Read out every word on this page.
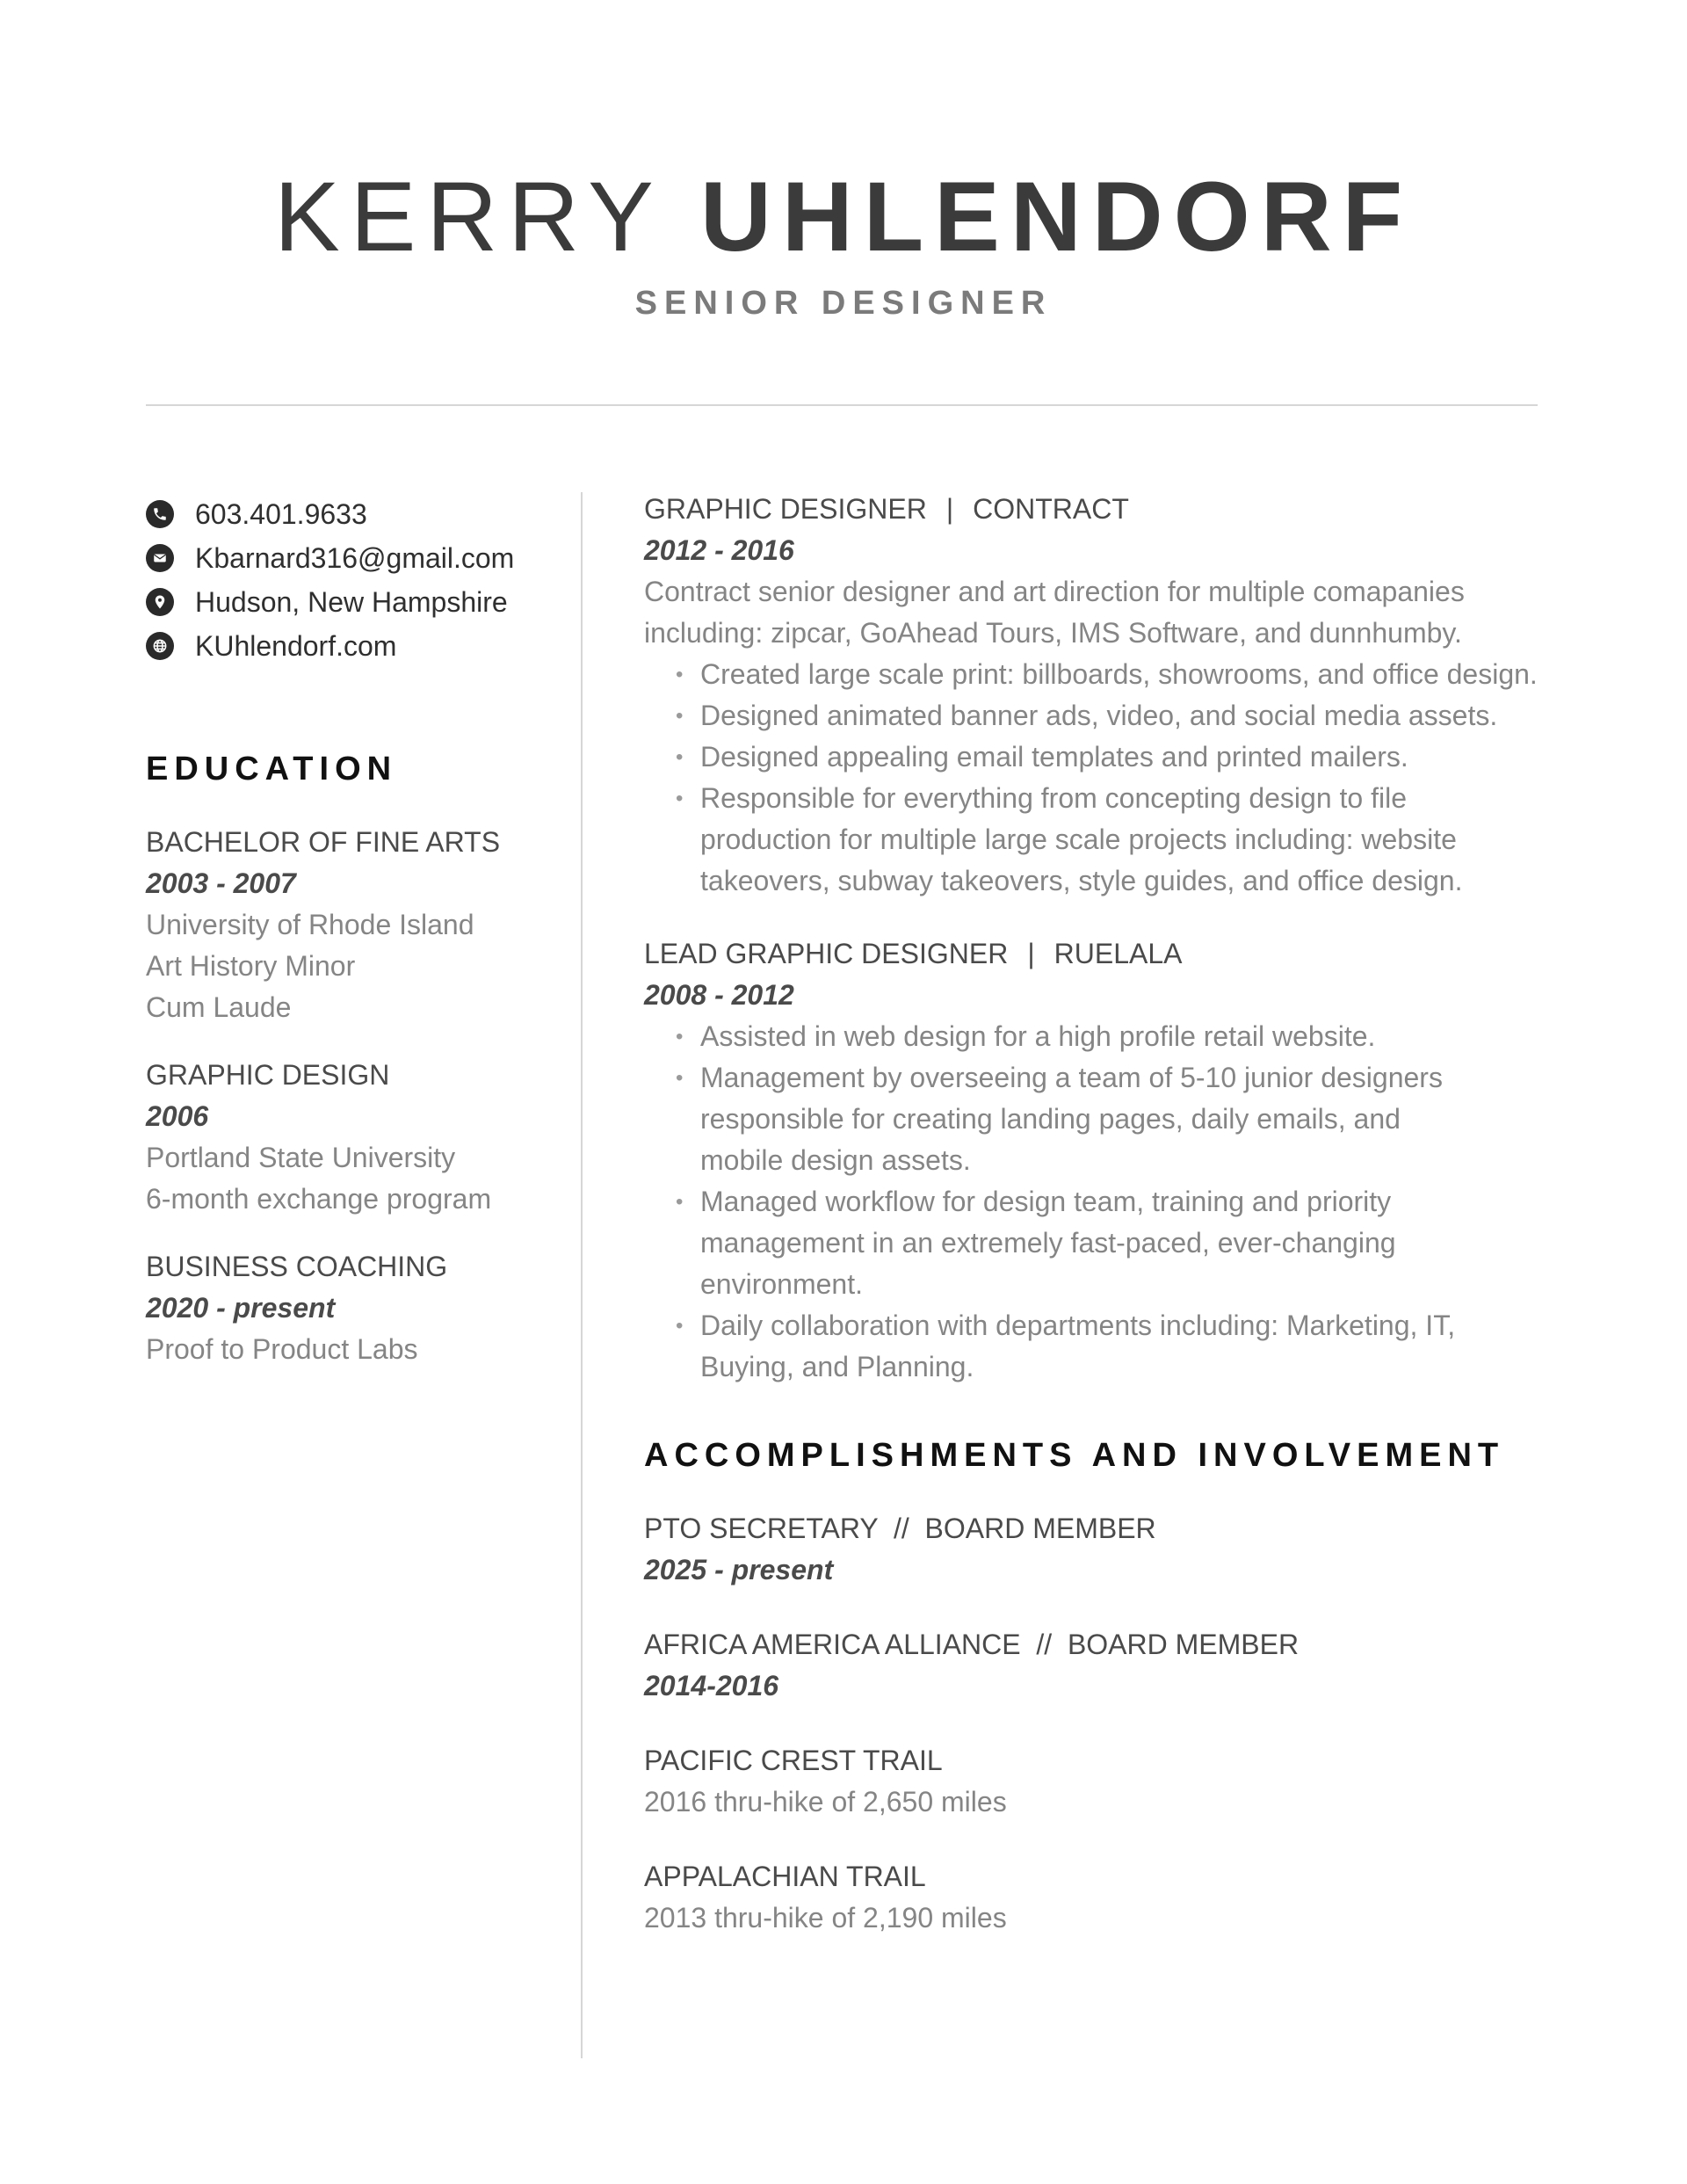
KERRY UHLENDORF
SENIOR DESIGNER
603.401.9633
Kbarnard316@gmail.com
Hudson, New Hampshire
KUhlendorf.com
EDUCATION
BACHELOR OF FINE ARTS
2003 - 2007
University of Rhode Island
Art History Minor
Cum Laude
GRAPHIC DESIGN
2006
Portland State University
6-month exchange program
BUSINESS COACHING
2020 - present
Proof to Product Labs
GRAPHIC DESIGNER | CONTRACT
2012 - 2016
Contract senior designer and art direction for multiple comapanies
including: zipcar, GoAhead Tours, IMS Software, and dunnhumby.
• Created large scale print: billboards, showrooms, and office design.
• Designed animated banner ads, video, and social media assets.
• Designed appealing email templates and printed mailers.
• Responsible for everything from concepting design to file
production for multiple large scale projects including: website
takeovers, subway takeovers, style guides, and office design.
LEAD GRAPHIC DESIGNER | RUELALA
2008 - 2012
• Assisted in web design for a high profile retail website.
• Management by overseeing a team of 5-10 junior designers
responsible for creating landing pages, daily emails, and
mobile design assets.
• Managed workflow for design team, training and priority
management in an extremely fast-paced, ever-changing
environment.
• Daily collaboration with departments including: Marketing, IT,
Buying, and Planning.
ACCOMPLISHMENTS AND INVOLVEMENT
PTO SECRETARY  //  BOARD MEMBER
2025 - present
AFRICA AMERICA ALLIANCE  //  BOARD MEMBER
2014-2016
PACIFIC CREST TRAIL
2016 thru-hike of 2,650 miles
APPALACHIAN TRAIL
2013 thru-hike of 2,190 miles
